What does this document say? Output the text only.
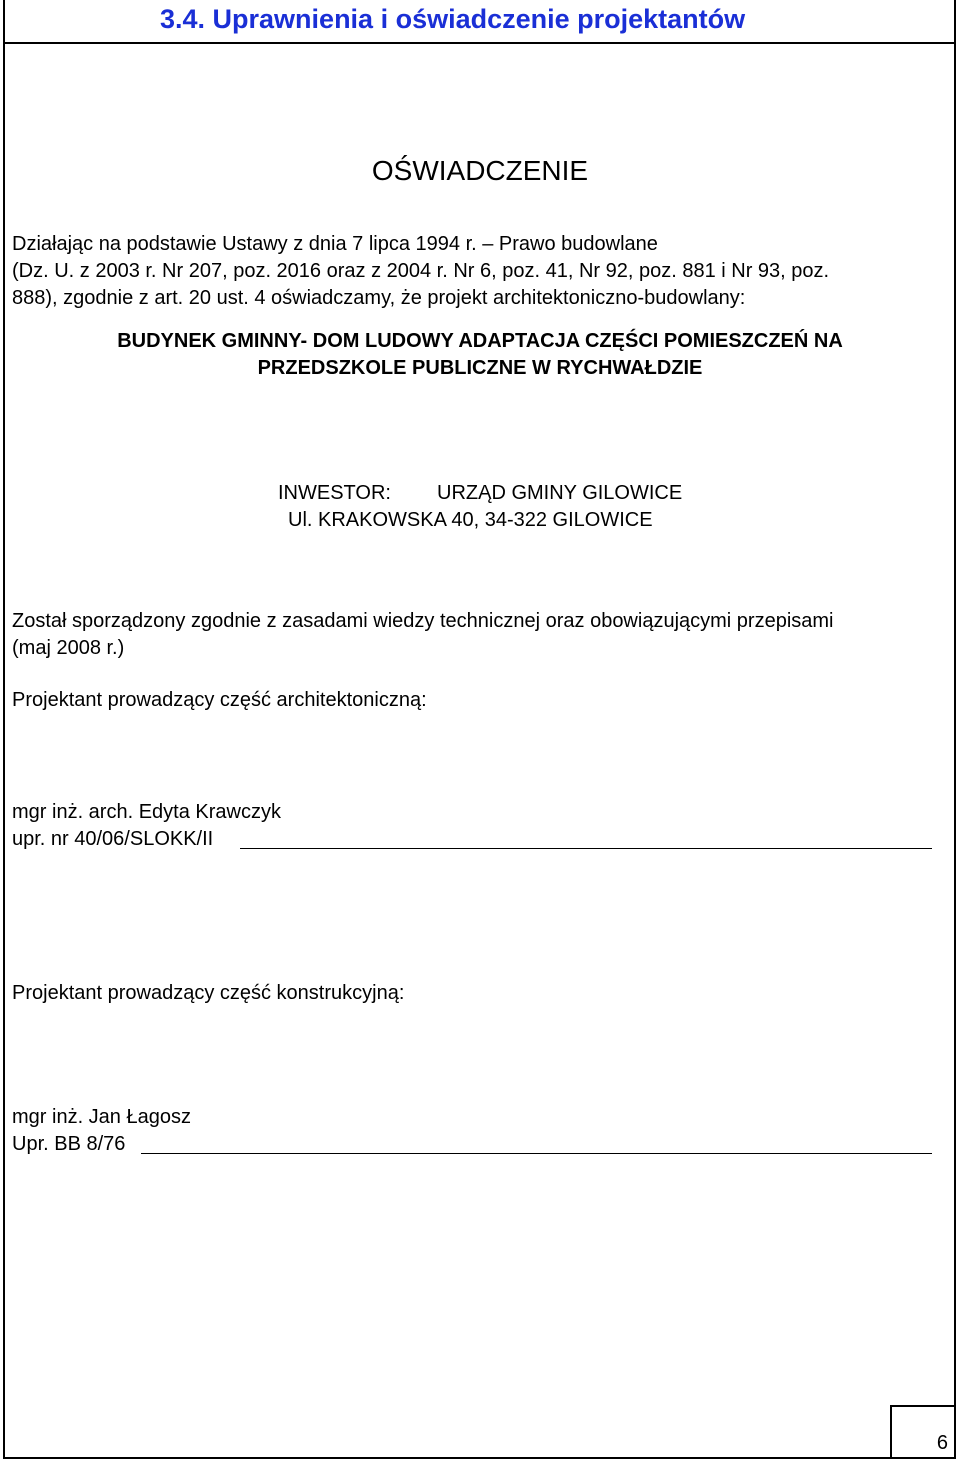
3.4. Uprawnienia i oświadczenie projektantów
OŚWIADCZENIE
Działając na podstawie Ustawy z dnia 7 lipca 1994 r. – Prawo budowlane
(Dz. U. z 2003 r. Nr 207, poz. 2016 oraz z 2004 r. Nr 6, poz. 41, Nr 92, poz. 881 i Nr 93, poz.
888), zgodnie z art. 20 ust. 4 oświadczamy, że projekt architektoniczno-budowlany:
BUDYNEK GMINNY- DOM LUDOWY ADAPTACJA CZĘŚCI POMIESZCZEŃ NA
PRZEDSZKOLE PUBLICZNE W RYCHWAŁDZIE
INWESTOR: URZĄD GMINY GILOWICE
Ul. KRAKOWSKA 40, 34-322 GILOWICE
Został sporządzony zgodnie z zasadami wiedzy technicznej oraz obowiązującymi przepisami
(maj 2008 r.)
Projektant prowadzący część architektoniczną:
mgr inż. arch. Edyta Krawczyk
upr. nr 40/06/SLOKK/II
Projektant prowadzący część konstrukcyjną:
mgr inż. Jan Łagosz
Upr. BB 8/76
6
